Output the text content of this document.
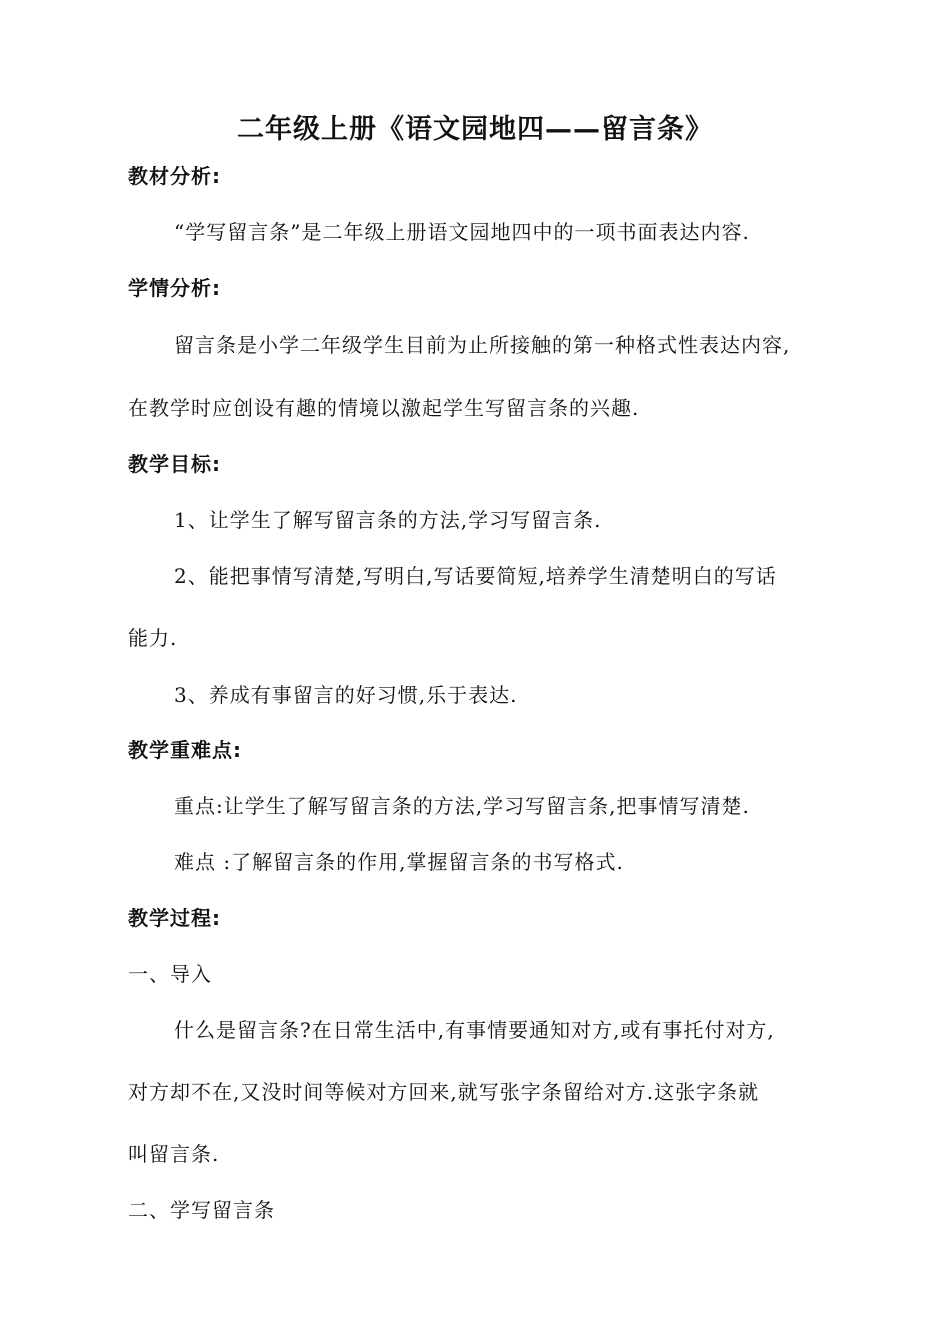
二年级上册《语文园地四——留言条》
教材分析:
“学写留言条”是二年级上册语文园地四中的一项书面表达内容.
学情分析:
留言条是小学二年级学生目前为止所接触的第一种格式性表达内容,
在教学时应创设有趣的情境以激起学生写留言条的兴趣.
教学目标:
1、让学生了解写留言条的方法,学习写留言条.
2、能把事情写清楚,写明白,写话要简短,培养学生清楚明白的写话
能力.
3、养成有事留言的好习惯,乐于表达.
教学重难点:
重点:让学生了解写留言条的方法,学习写留言条,把事情写清楚.
难点 :了解留言条的作用,掌握留言条的书写格式.
教学过程:
一、导入
什么是留言条?在日常生活中,有事情要通知对方,或有事托付对方,
对方却不在,又没时间等候对方回来,就写张字条留给对方.这张字条就
叫留言条.
二、学写留言条
